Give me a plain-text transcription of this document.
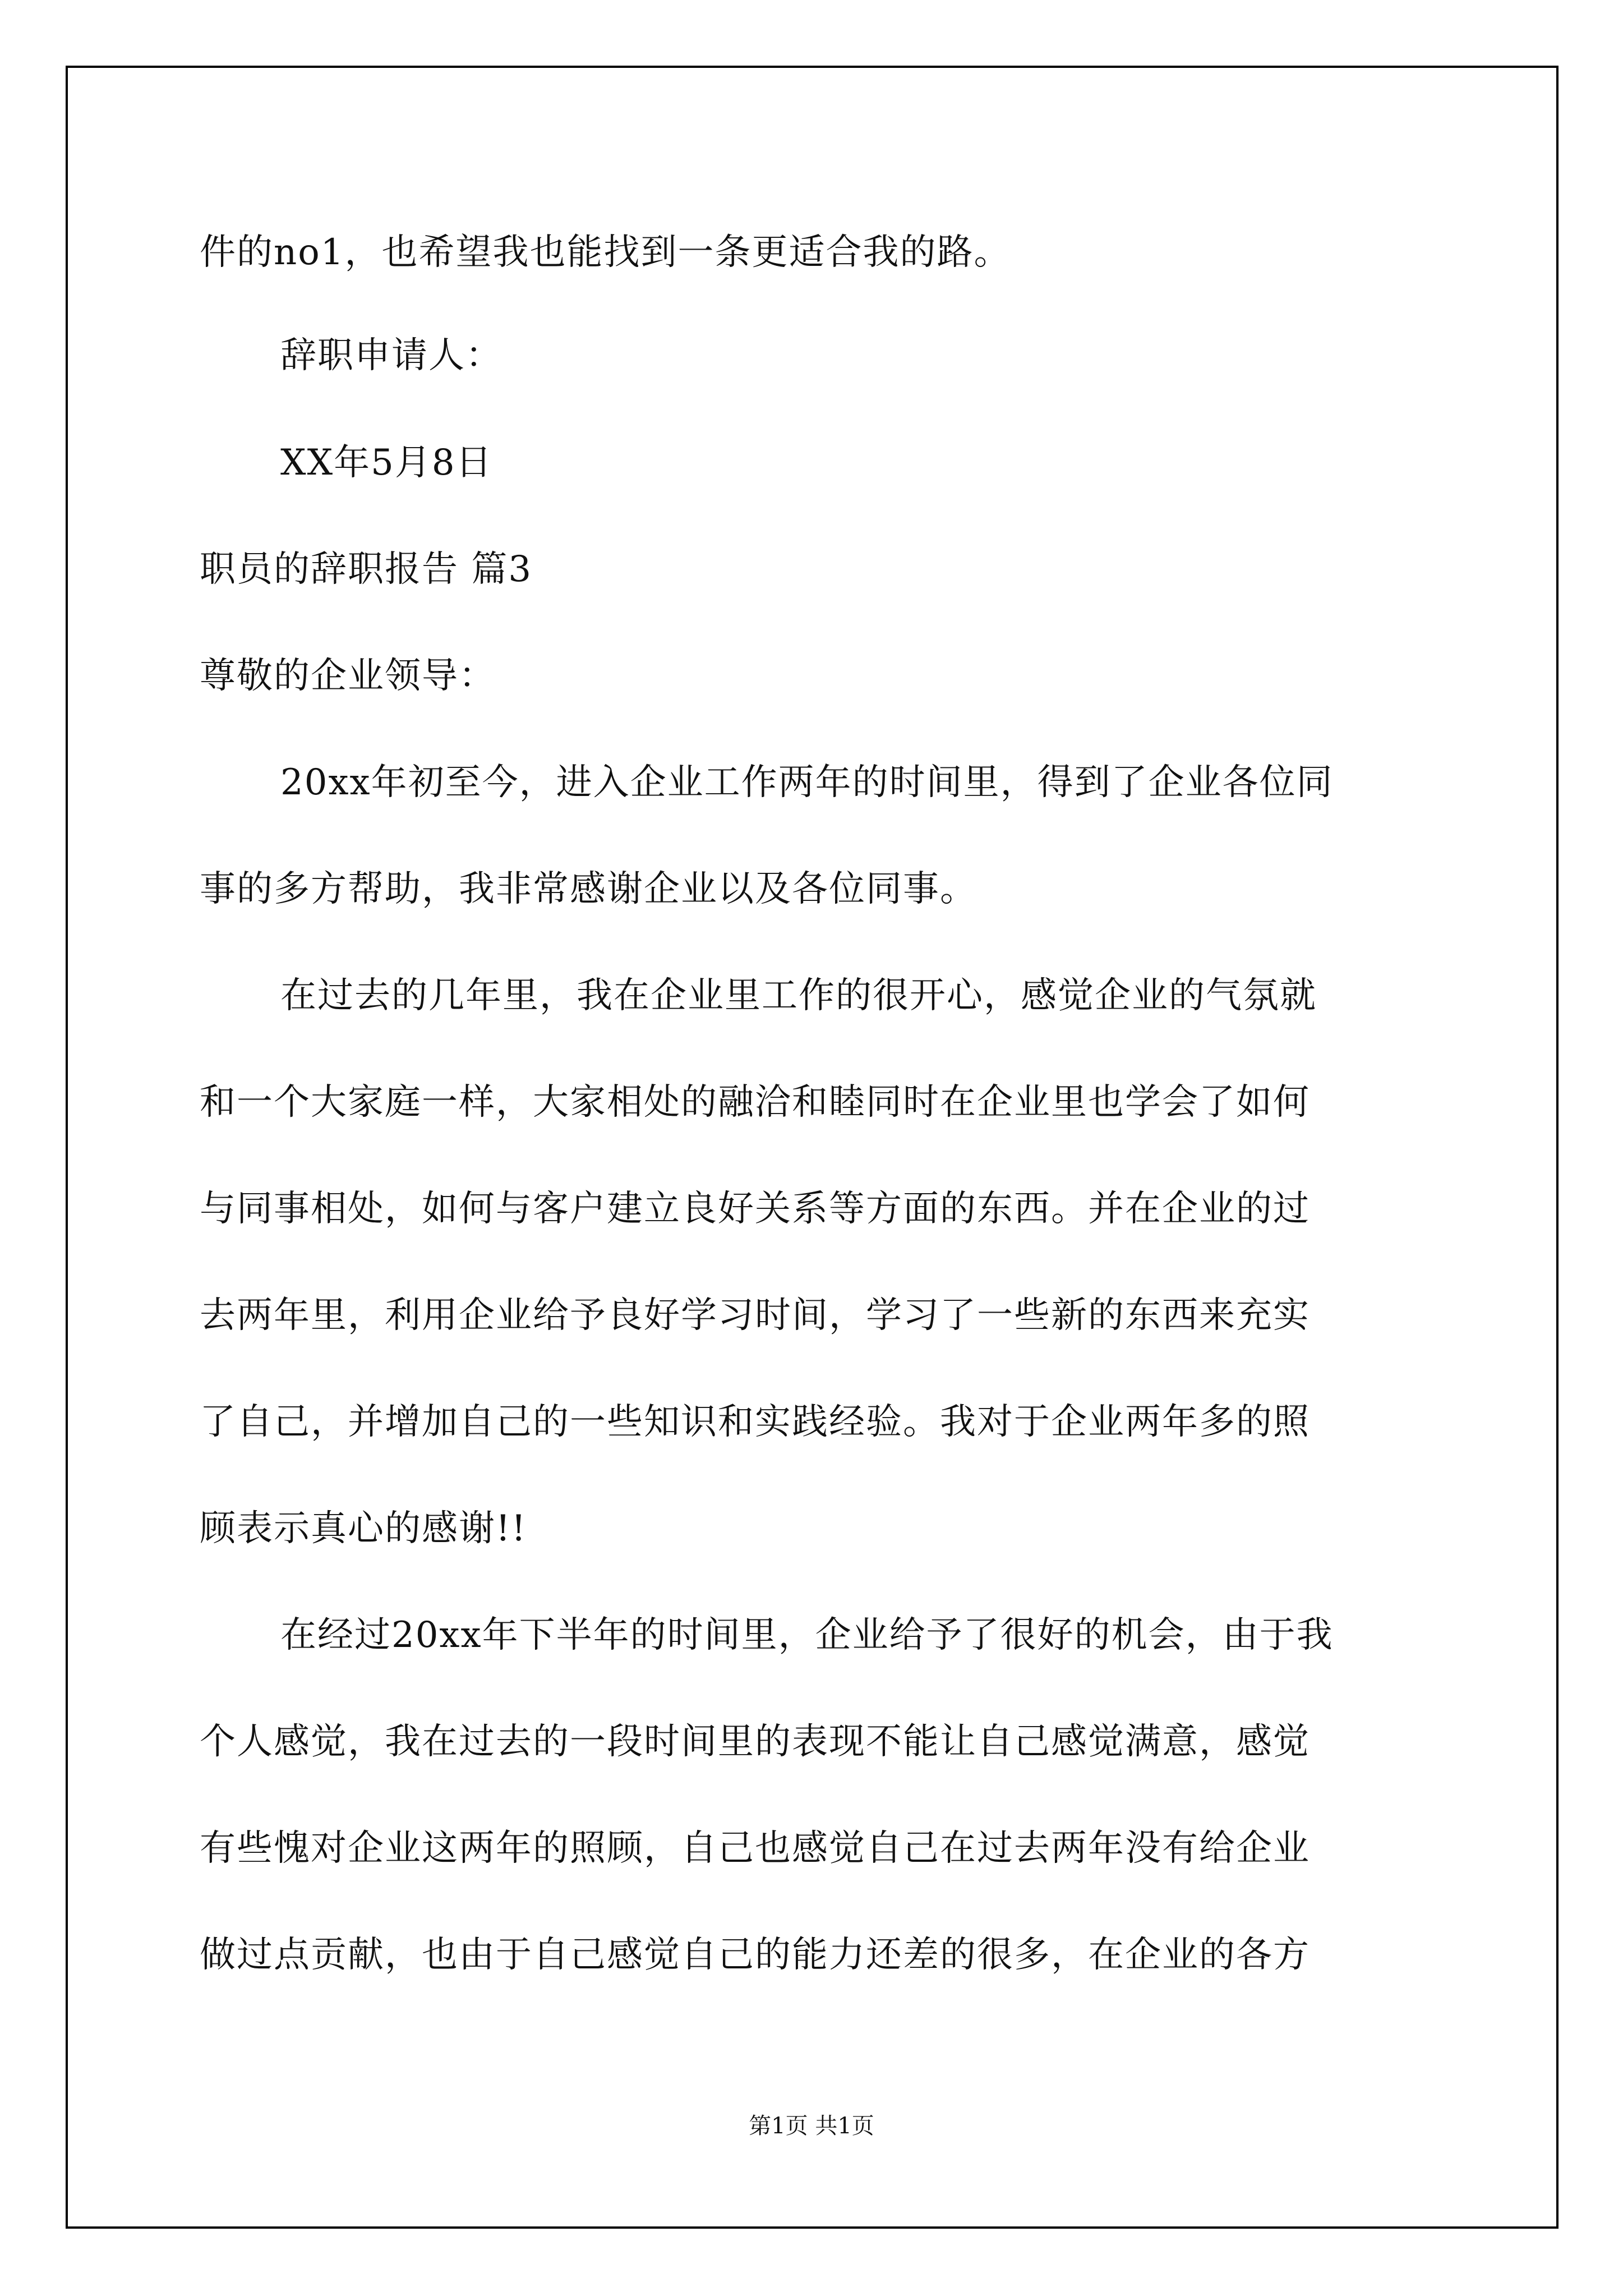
件的no1，也希望我也能找到一条更适合我的路。
辞职申请人：
XX年5月8日
职员的辞职报告 篇3
尊敬的企业领导：
20xx年初至今，进入企业工作两年的时间里，得到了企业各位同
事的多方帮助，我非常感谢企业以及各位同事。
在过去的几年里，我在企业里工作的很开心，感觉企业的气氛就
和一个大家庭一样，大家相处的融洽和睦同时在企业里也学会了如何
与同事相处，如何与客户建立良好关系等方面的东西。并在企业的过
去两年里，利用企业给予良好学习时间，学习了一些新的东西来充实
了自己，并增加自己的一些知识和实践经验。我对于企业两年多的照
顾表示真心的感谢!!
在经过20xx年下半年的时间里，企业给予了很好的机会，由于我
个人感觉，我在过去的一段时间里的表现不能让自己感觉满意，感觉
有些愧对企业这两年的照顾，自己也感觉自己在过去两年没有给企业
做过点贡献，也由于自己感觉自己的能力还差的很多，在企业的各方
第1页 共1页
